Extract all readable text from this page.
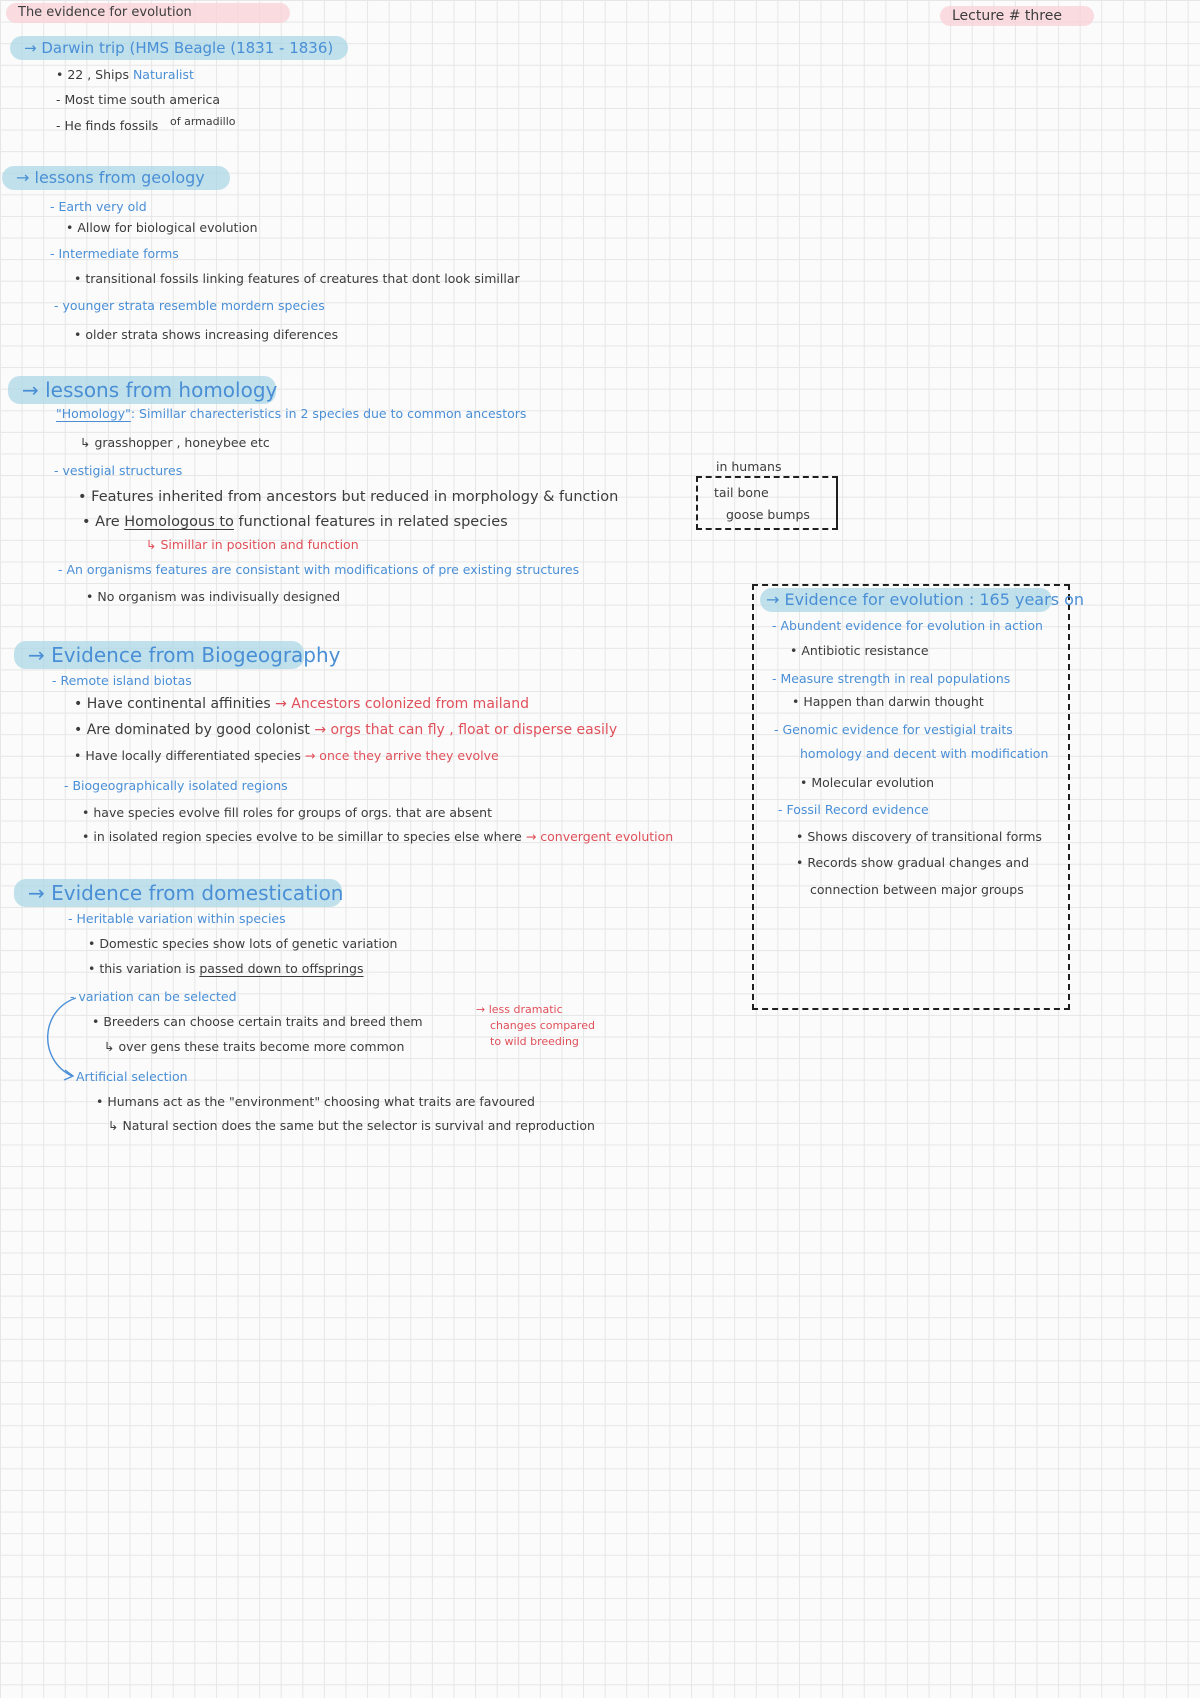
The evidence for evolution	Lecture # three
→ Darwin trip (HMS Beagle (1831 - 1836)
• 22 , Ships Naturalist
- Most time south america
- He finds fossils of armadillo
→ lessons from geology
- Earth very old
• Allow for biological evolution
- Intermediate forms
• transitional fossils linking features of creatures that dont look simillar
- younger strata resemble mordern species
• older strata shows increasing diferences
→ lessons from homology
"Homology": Simillar charecteristics in 2 species due to common ancestors
↳ grasshopper , honeybee etc
- vestigial structures
• Features inherited from ancestors but reduced in morphology & function
• Are Homologous to functional features in related species
↳ Simillar in position and function
- An organisms features are consistant with modifications of pre existing structures
• No organism was indivisually designed
in humans
tail bone
goose bumps
→ Evidence from Biogeography
- Remote island biotas
• Have continental affinities → Ancestors colonized from mailand
• Are dominated by good colonist → orgs that can fly , float or disperse easily
• Have locally differentiated species → once they arrive they evolve
- Biogeographically isolated regions
• have species evolve fill roles for groups of orgs. that are absent
• in isolated region species evolve to be simillar to species else where → convergent evolution
→ Evidence from domestication
- Heritable variation within species
• Domestic species show lots of genetic variation
• this variation is passed down to offsprings
- variation can be selected
• Breeders can choose certain traits and breed them
↳ over gens these traits become more common
→ less dramatic
changes compared
to wild breeding
Artificial selection
• Humans act as the "environment" choosing what traits are favoured
↳ Natural section does the same but the selector is survival and reproduction
→ Evidence for evolution : 165 years on
- Abundent evidence for evolution in action
• Antibiotic resistance
- Measure strength in real populations
• Happen than darwin thought
- Genomic evidence for vestigial traits
homology and decent with modification
• Molecular evolution
- Fossil Record evidence
• Shows discovery of transitional forms
• Records show gradual changes and
connection between major groups
